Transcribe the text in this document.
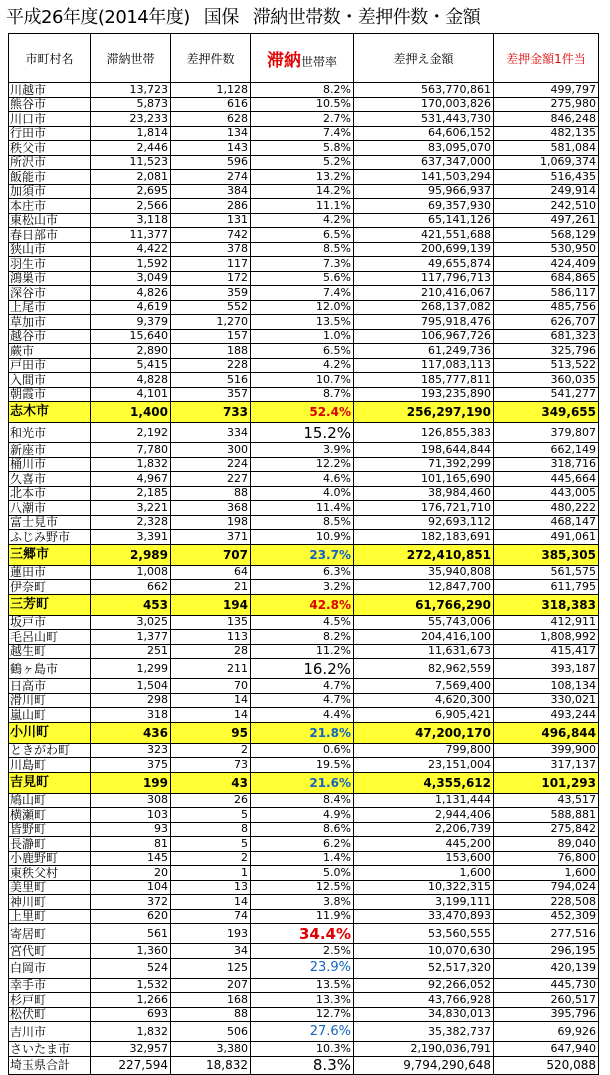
平成26年度(2014年度) 国保 滞納世帯数・差押件数・金額
市町村名	滞納世帯	差押件数	滞納世帯率	差押え金額	差押金額1件当
川越市	13,723	1,128	8.2%	563,770,861	499,797
熊谷市	5,873	616	10.5%	170,003,826	275,980
川口市	23,233	628	2.7%	531,443,730	846,248
行田市	1,814	134	7.4%	64,606,152	482,135
秩父市	2,446	143	5.8%	83,095,070	581,084
所沢市	11,523	596	5.2%	637,347,000	1,069,374
飯能市	2,081	274	13.2%	141,503,294	516,435
加須市	2,695	384	14.2%	95,966,937	249,914
本庄市	2,566	286	11.1%	69,357,930	242,510
東松山市	3,118	131	4.2%	65,141,126	497,261
春日部市	11,377	742	6.5%	421,551,688	568,129
狭山市	4,422	378	8.5%	200,699,139	530,950
羽生市	1,592	117	7.3%	49,655,874	424,409
鴻巣市	3,049	172	5.6%	117,796,713	684,865
深谷市	4,826	359	7.4%	210,416,067	586,117
上尾市	4,619	552	12.0%	268,137,082	485,756
草加市	9,379	1,270	13.5%	795,918,476	626,707
越谷市	15,640	157	1.0%	106,967,726	681,323
蕨市	2,890	188	6.5%	61,249,736	325,796
戸田市	5,415	228	4.2%	117,083,113	513,522
入間市	4,828	516	10.7%	185,777,811	360,035
朝霞市	4,101	357	8.7%	193,235,890	541,277
志木市	1,400	733	52.4%	256,297,190	349,655
和光市	2,192	334	15.2%	126,855,383	379,807
新座市	7,780	300	3.9%	198,644,844	662,149
桶川市	1,832	224	12.2%	71,392,299	318,716
久喜市	4,967	227	4.6%	101,165,690	445,664
北本市	2,185	88	4.0%	38,984,460	443,005
八潮市	3,221	368	11.4%	176,721,710	480,222
富士見市	2,328	198	8.5%	92,693,112	468,147
ふじみ野市	3,391	371	10.9%	182,183,691	491,061
三郷市	2,989	707	23.7%	272,410,851	385,305
蓮田市	1,008	64	6.3%	35,940,808	561,575
伊奈町	662	21	3.2%	12,847,700	611,795
三芳町	453	194	42.8%	61,766,290	318,383
坂戸市	3,025	135	4.5%	55,743,006	412,911
毛呂山町	1,377	113	8.2%	204,416,100	1,808,992
越生町	251	28	11.2%	11,631,673	415,417
鶴ヶ島市	1,299	211	16.2%	82,962,559	393,187
日高市	1,504	70	4.7%	7,569,400	108,134
滑川町	298	14	4.7%	4,620,300	330,021
嵐山町	318	14	4.4%	6,905,421	493,244
小川町	436	95	21.8%	47,200,170	496,844
ときがわ町	323	2	0.6%	799,800	399,900
川島町	375	73	19.5%	23,151,004	317,137
吉見町	199	43	21.6%	4,355,612	101,293
鳩山町	308	26	8.4%	1,131,444	43,517
横瀬町	103	5	4.9%	2,944,406	588,881
皆野町	93	8	8.6%	2,206,739	275,842
長瀞町	81	5	6.2%	445,200	89,040
小鹿野町	145	2	1.4%	153,600	76,800
東秩父村	20	1	5.0%	1,600	1,600
美里町	104	13	12.5%	10,322,315	794,024
神川町	372	14	3.8%	3,199,111	228,508
上里町	620	74	11.9%	33,470,893	452,309
寄居町	561	193	34.4%	53,560,555	277,516
宮代町	1,360	34	2.5%	10,070,630	296,195
白岡市	524	125	23.9%	52,517,320	420,139
幸手市	1,532	207	13.5%	92,266,052	445,730
杉戸町	1,266	168	13.3%	43,766,928	260,517
松伏町	693	88	12.7%	34,830,013	395,796
吉川市	1,832	506	27.6%	35,382,737	69,926
さいたま市	32,957	3,380	10.3%	2,190,036,791	647,940
埼玉県合計	227,594	18,832	8.3%	9,794,290,648	520,088
